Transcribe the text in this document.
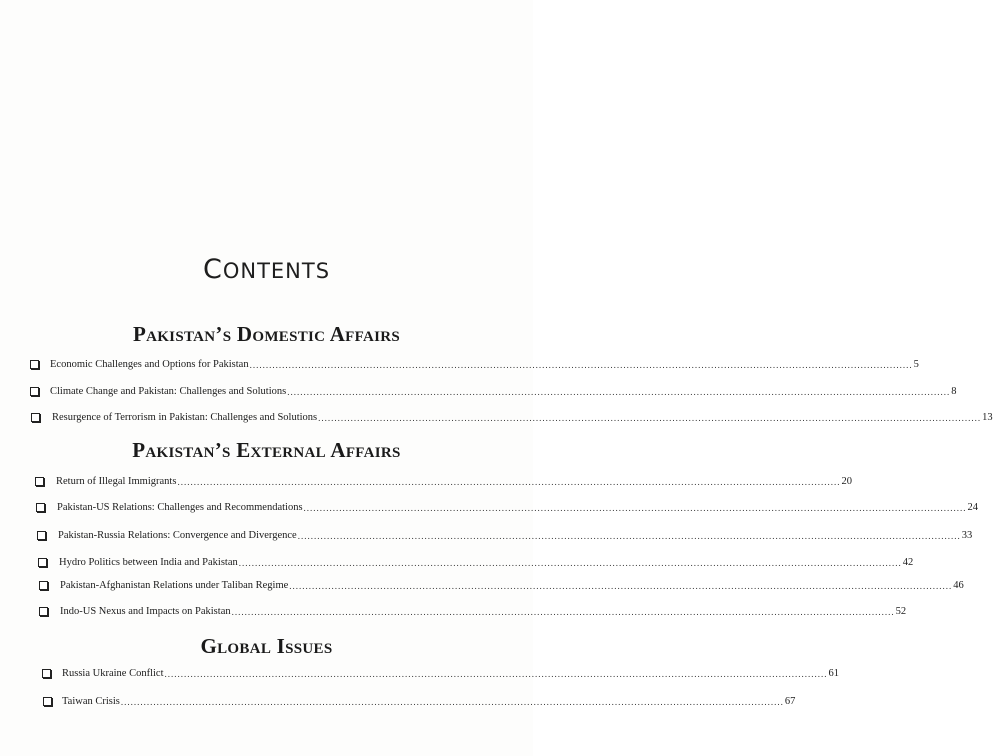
CONTENTS
Pakistan’s Domestic Affairs
Economic Challenges and Options for Pakistan ............................................................................................................................................................................................................ 5
Climate Change and Pakistan: Challenges and Solutions ............................................................................................................................................................................................................ 8
Resurgence of Terrorism in Pakistan: Challenges and Solutions ............................................................................................................................................................................................................ 13
Pakistan’s External Affairs
Return of Illegal Immigrants ............................................................................................................................................................................................................ 20
Pakistan-US Relations: Challenges and Recommendations ............................................................................................................................................................................................................ 24
Pakistan-Russia Relations: Convergence and Divergence ............................................................................................................................................................................................................ 33
Hydro Politics between India and Pakistan ............................................................................................................................................................................................................ 42
Pakistan-Afghanistan Relations under Taliban Regime ............................................................................................................................................................................................................ 46
Indo-US Nexus and Impacts on Pakistan ............................................................................................................................................................................................................ 52
Global Issues
Russia Ukraine Conflict ............................................................................................................................................................................................................ 61
Taiwan Crisis ............................................................................................................................................................................................................ 67
